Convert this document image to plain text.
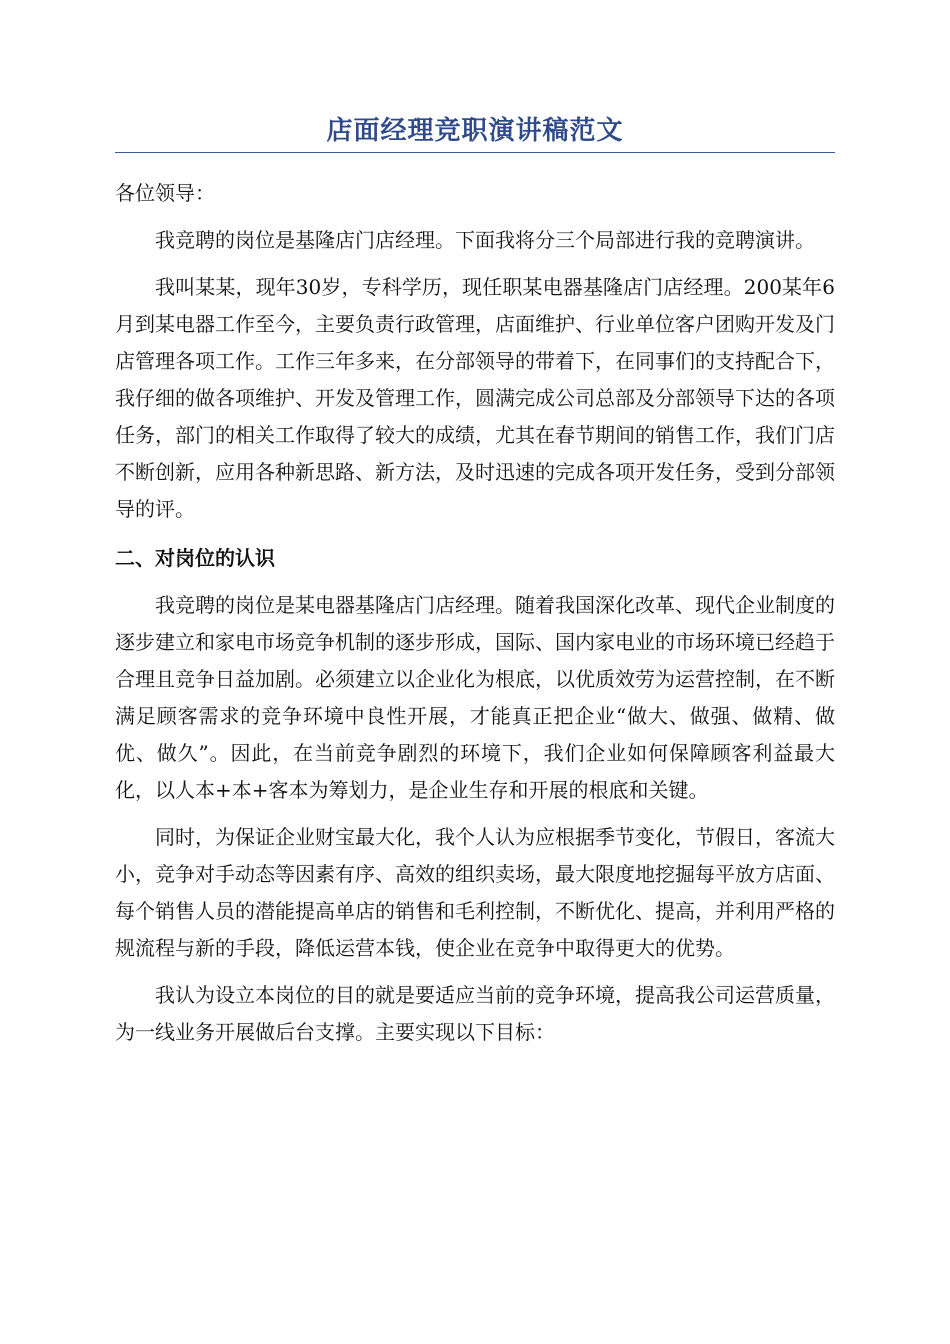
店面经理竞职演讲稿范文

各位领导：

我竞聘的岗位是基隆店门店经理。下面我将分三个局部进行我的竞聘演讲。

我叫某某，现年30岁，专科学历，现任职某电器基隆店门店经理。200某年6月到某电器工作至今，主要负责行政管理，店面维护、行业单位客户团购开发及门店管理各项工作。工作三年多来，在分部领导的带着下，在同事们的支持配合下，我仔细的做各项维护、开发及管理工作，圆满完成公司总部及分部领导下达的各项任务，部门的相关工作取得了较大的成绩，尤其在春节期间的销售工作，我们门店不断创新，应用各种新思路、新方法，及时迅速的完成各项开发任务，受到分部领导的评。

二、对岗位的认识

我竞聘的岗位是某电器基隆店门店经理。随着我国深化改革、现代企业制度的逐步建立和家电市场竞争机制的逐步形成，国际、国内家电业的市场环境已经趋于合理且竞争日益加剧。必须建立以企业化为根底，以优质效劳为运营控制，在不断满足顾客需求的竞争环境中良性开展，才能真正把企业“做大、做强、做精、做优、做久”。因此，在当前竞争剧烈的环境下，我们企业如何保障顾客利益最大化，以人本+本+客本为筹划力，是企业生存和开展的根底和关键。

同时，为保证企业财宝最大化，我个人认为应根据季节变化，节假日，客流大小，竞争对手动态等因素有序、高效的组织卖场，最大限度地挖掘每平放方店面、每个销售人员的潜能提高单店的销售和毛利控制，不断优化、提高，并利用严格的规流程与新的手段，降低运营本钱，使企业在竞争中取得更大的优势。

我认为设立本岗位的目的就是要适应当前的竞争环境，提高我公司运营质量，为一线业务开展做后台支撑。主要实现以下目标：
